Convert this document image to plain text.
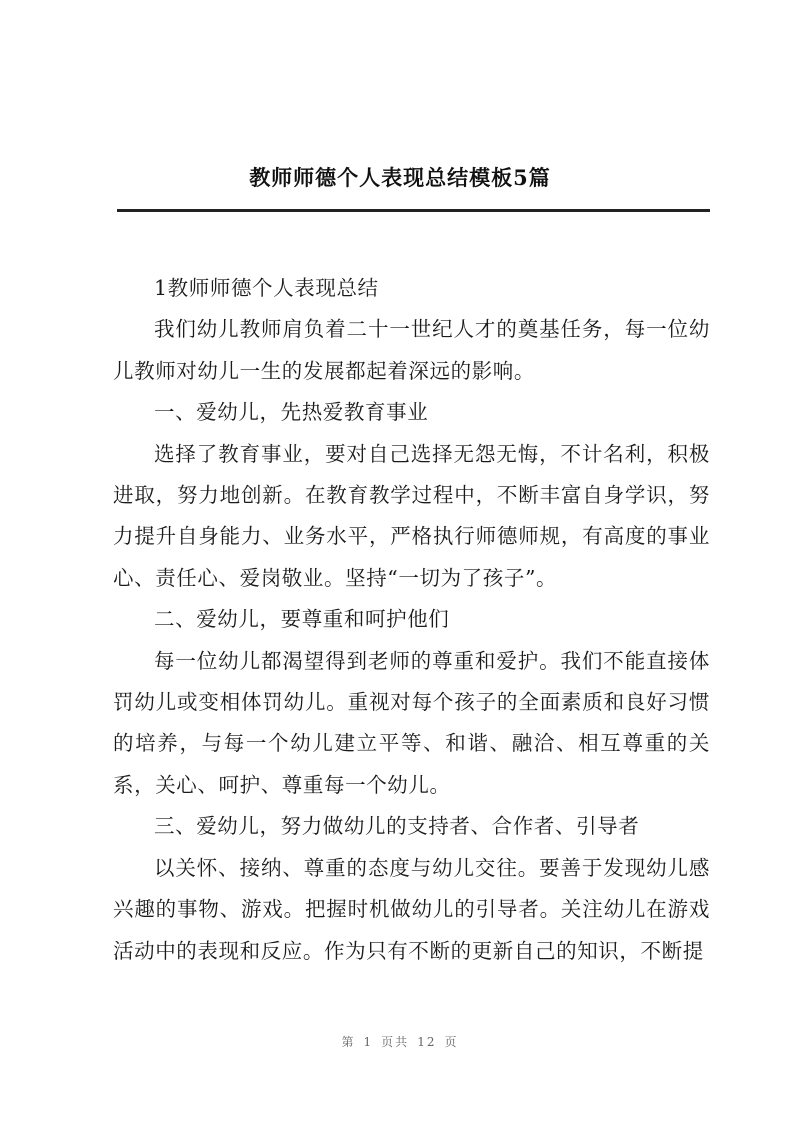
教师师德个人表现总结模板5篇

1教师师德个人表现总结

我们幼儿教师肩负着二十一世纪人才的奠基任务，每一位幼儿教师对幼儿一生的发展都起着深远的影响。

一、爱幼儿，先热爱教育事业

选择了教育事业，要对自己选择无怨无悔，不计名利，积极进取，努力地创新。在教育教学过程中，不断丰富自身学识，努力提升自身能力、业务水平，严格执行师德师规，有高度的事业心、责任心、爱岗敬业。坚持“一切为了孩子”。

二、爱幼儿，要尊重和呵护他们

每一位幼儿都渴望得到老师的尊重和爱护。我们不能直接体罚幼儿或变相体罚幼儿。重视对每个孩子的全面素质和良好习惯的培养，与每一个幼儿建立平等、和谐、融洽、相互尊重的关系，关心、呵护、尊重每一个幼儿。

三、爱幼儿，努力做幼儿的支持者、合作者、引导者

以关怀、接纳、尊重的态度与幼儿交往。要善于发现幼儿感兴趣的事物、游戏。把握时机做幼儿的引导者。关注幼儿在游戏活动中的表现和反应。作为只有不断的更新自己的知识，不断提

第 1 页共 12 页
